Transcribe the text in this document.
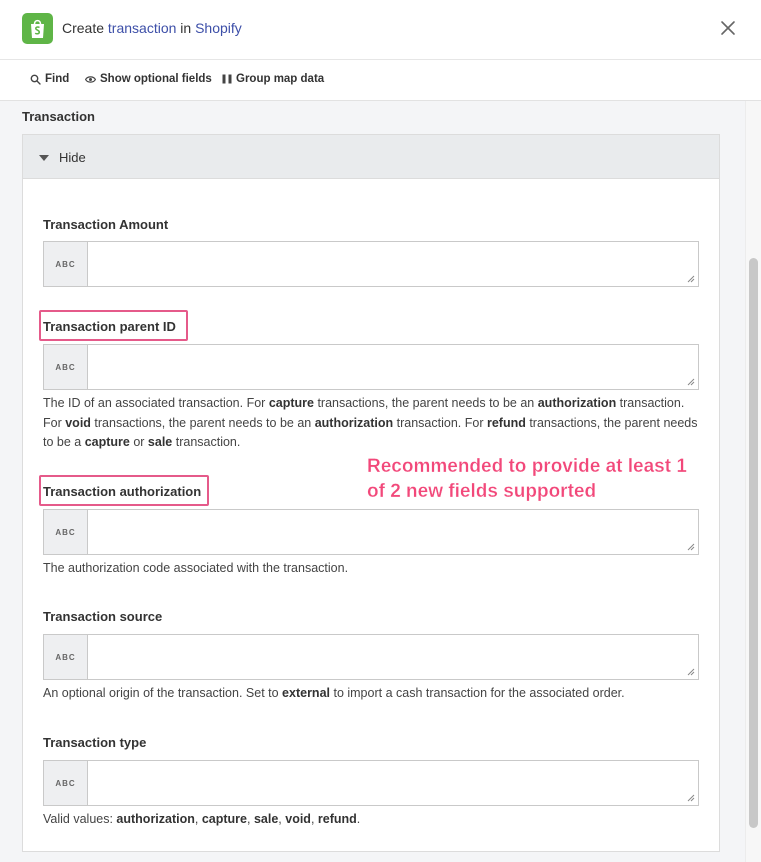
Create transaction in Shopify
Find	Show optional fields Group map data
Transaction
Hide
Transaction Amount
ABC
Transaction parent ID
ABC
The ID of an associated transaction. For capture transactions, the parent needs to be an authorization transaction. For void transactions, the parent needs to be an authorization transaction. For refund transactions, the parent needs to be a capture or sale transaction.
Transaction authorization
ABC
The authorization code associated with the transaction.
Transaction source
ABC
An optional origin of the transaction. Set to external to import a cash transaction for the associated order.
Transaction type
ABC
Valid values: authorization, capture, sale, void, refund.
Recommended to provide at least 1
of 2 new fields supported
